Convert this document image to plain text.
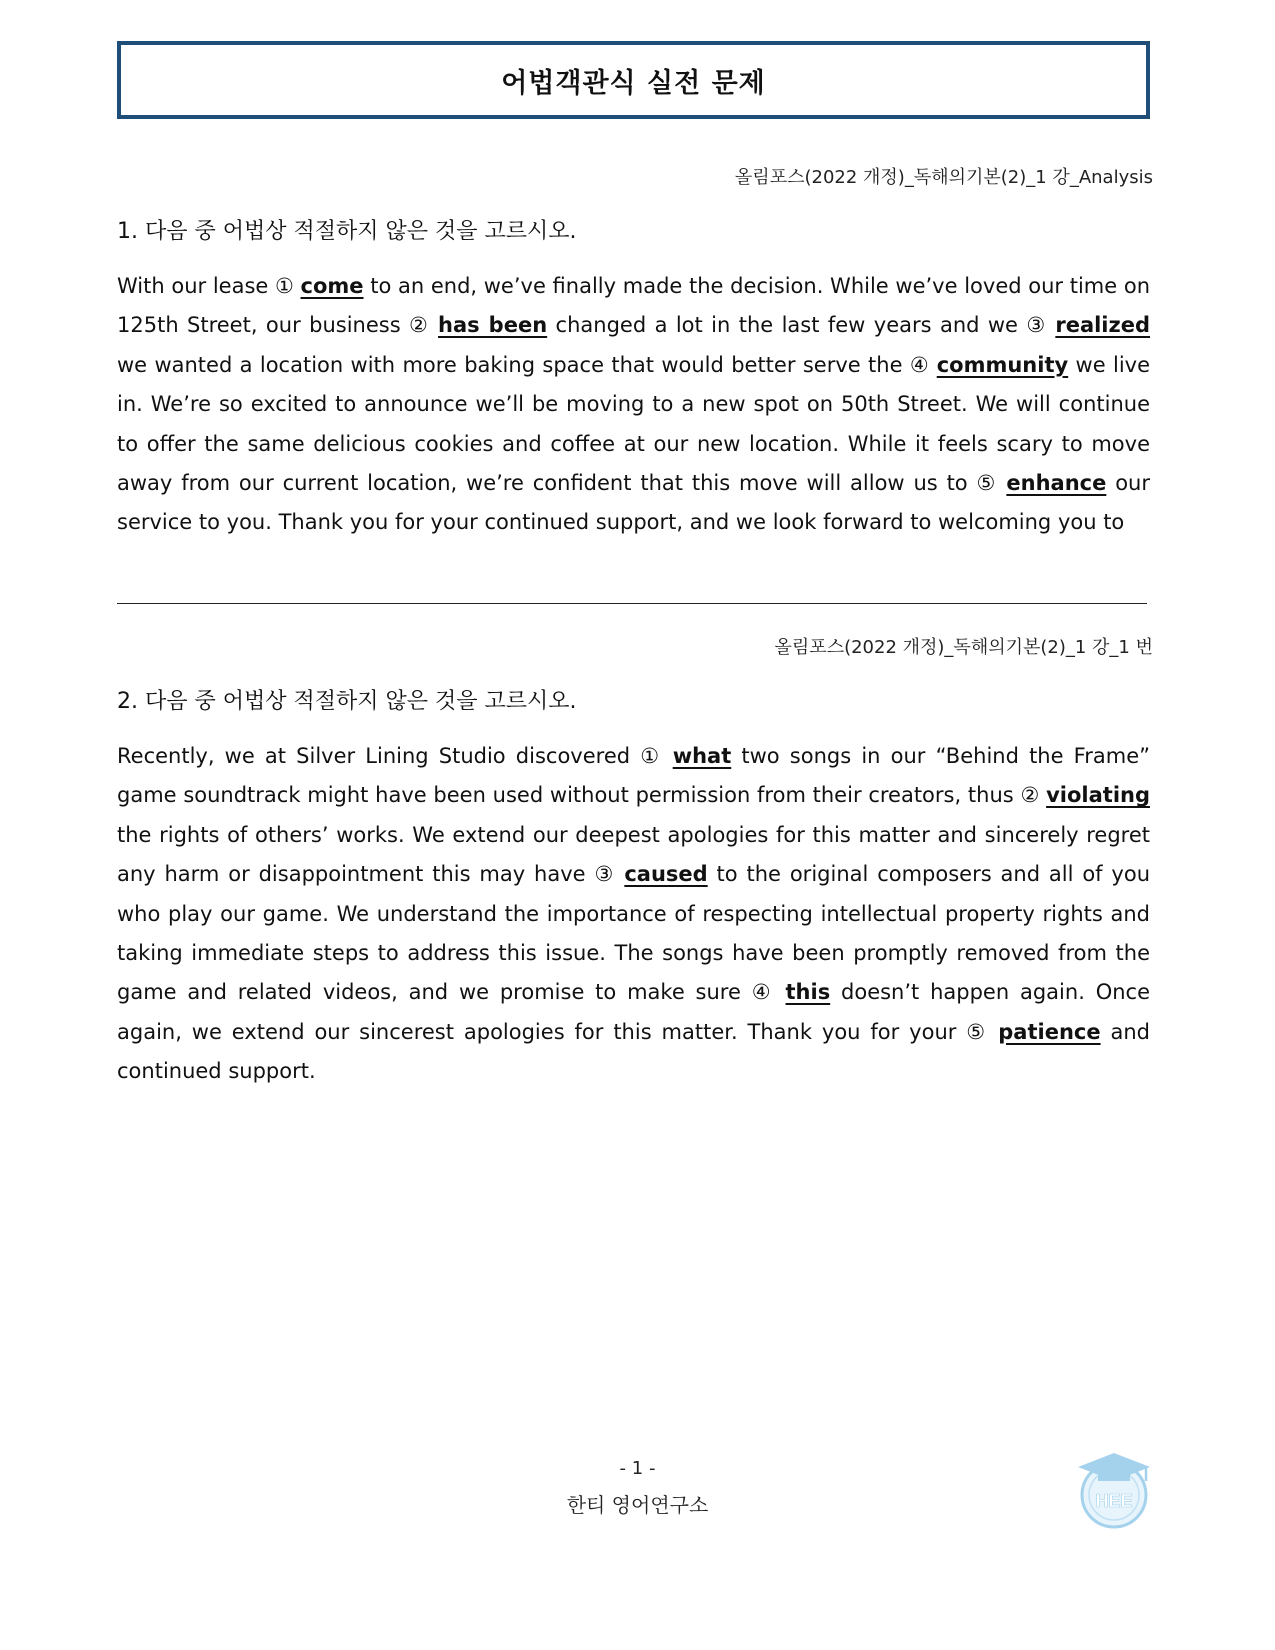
어법객관식 실전 문제
올림포스(2022 개정)_독해의기본(2)_1 강_Analysis
1. 다음 중 어법상 적절하지 않은 것을 고르시오.
With our lease ① come to an end, we’ve finally made the decision. While we’ve loved our time on 125th Street, our business ② has been changed a lot in the last few years and we ③ realized we wanted a location with more baking space that would better serve the ④ community we live in. We’re so excited to announce we’ll be moving to a new spot on 50th Street. We will continue to offer the same delicious cookies and coffee at our new location. While it feels scary to move away from our current location, we’re confident that this move will allow us to ⑤ enhance our service to you. Thank you for your continued support, and we look forward to welcoming you to
올림포스(2022 개정)_독해의기본(2)_1 강_1 번
2. 다음 중 어법상 적절하지 않은 것을 고르시오.
Recently, we at Silver Lining Studio discovered ① what two songs in our “Behind the Frame” game soundtrack might have been used without permission from their creators, thus ② violating the rights of others’ works. We extend our deepest apologies for this matter and sincerely regret any harm or disappointment this may have ③ caused to the original composers and all of you who play our game. We understand the importance of respecting intellectual property rights and taking immediate steps to address this issue. The songs have been promptly removed from the game and related videos, and we promise to make sure ④ this doesn’t happen again. Once again, we extend our sincerest apologies for this matter. Thank you for your ⑤ patience and continued support.
HEE
- 1 -
한티 영어연구소
